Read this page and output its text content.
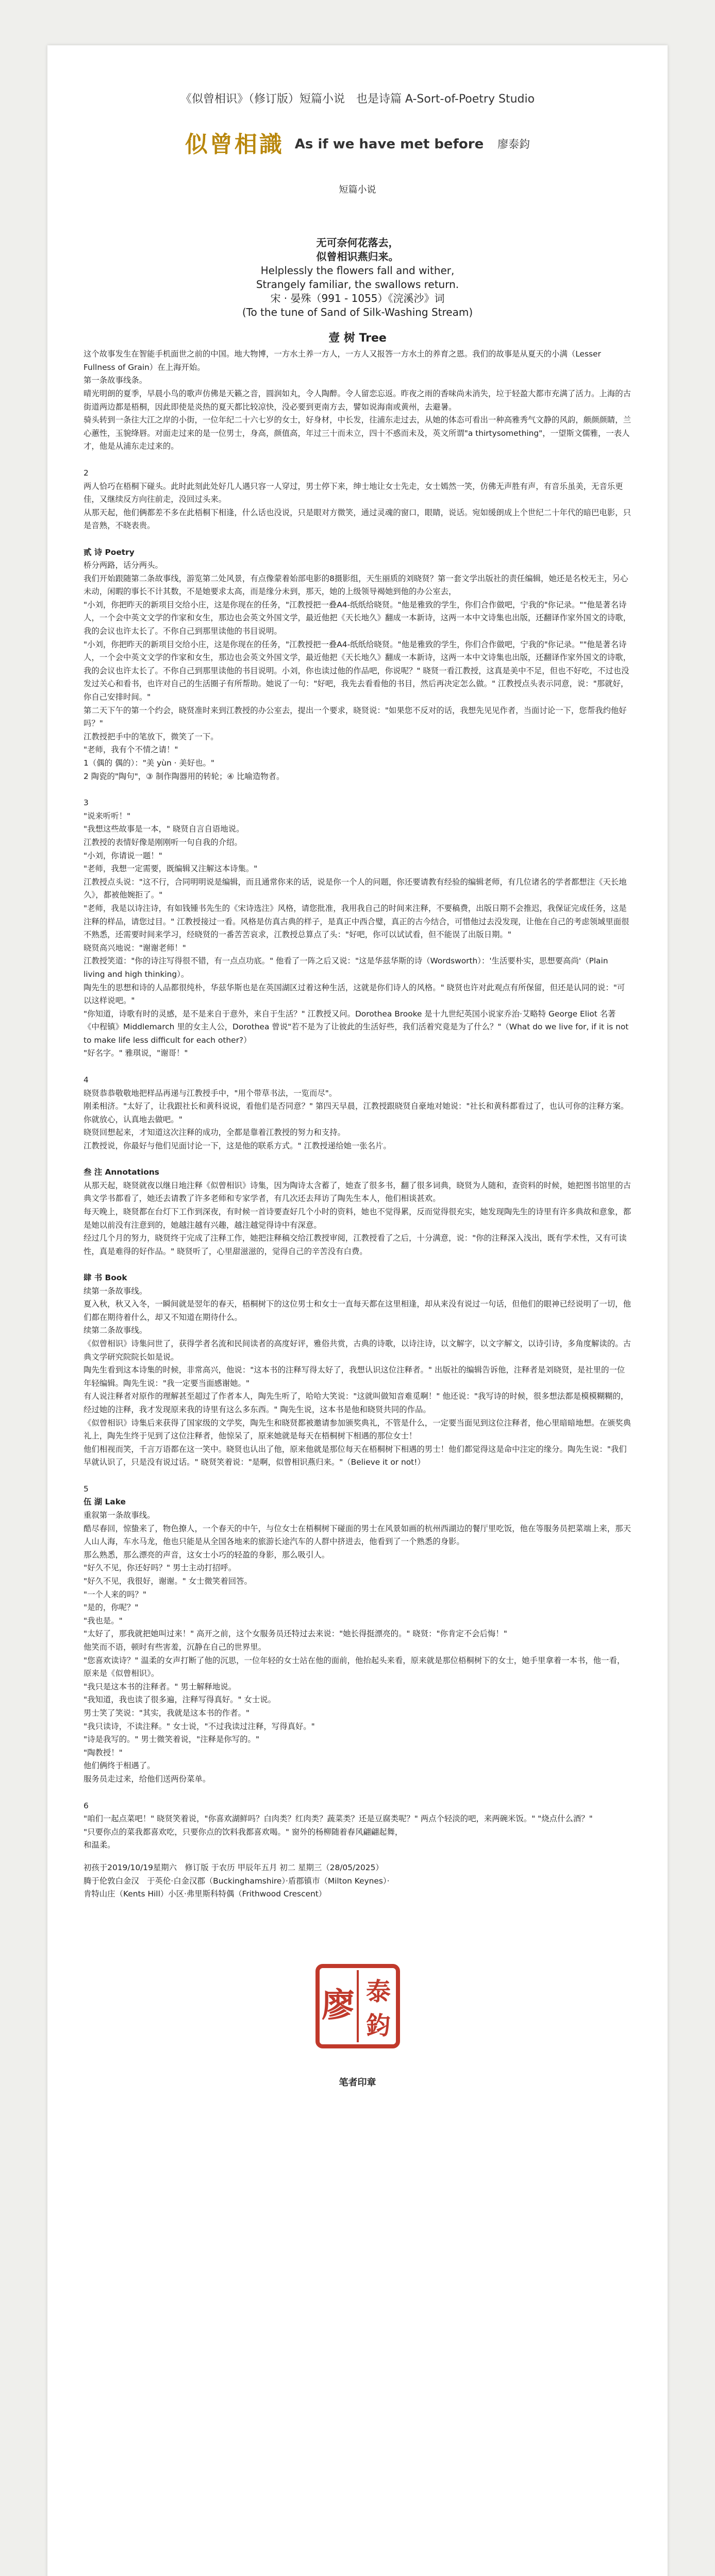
《似曾相识》（修订版）短篇小说　也是诗篇 A-Sort-of-Poetry Studio
似曾相識 As if we have met before 廖泰鈞
短篇小说
无可奈何花落去，
似曾相识燕归来。
Helplessly the flowers fall and wither,
Strangely familiar, the swallows return.
宋 · 晏殊（991 - 1055）《浣溪沙》词
(To the tune of Sand of Silk-Washing Stream)
壹 树 Tree

这个故事发生在智能手机面世之前的中国。地大物博，一方水土养一方人，一方人又报答一方水土的养育之恩。我们的故事是从夏天的小满（Lesser Fullness of Grain）在上海开始。

第一条故事线条。

晴光明朗的夏季，早晨小鸟的歌声仿佛是天籁之音，圆润如丸，令人陶醉。令人留恋忘返。昨夜之雨的香味尚未消失，垃于轻盈大都市充满了活力。上海的古街道两边都是梧桐，因此即使是炎热的夏天都比较凉快，没必要到更南方去，譬如说海南或黄州，去避暑。

骑头转到一条往大江之岸的小街，一位年纪二十六七岁的女士，好身材，中长发，往浦东走过去，从她的体态可看出一种高雅秀气文静的风韵，颇颜颜睛，兰心蕙性，玉貌绛唇。对面走过来的是一位男士，身高，颜值高，年过三十而未立，四十不惑而未及，英文所谓"a thirtysomething"，一望斯文儒雅，一表人才，他是从浦东走过来的。

2

两人恰巧在梧桐下碰头。此时此刻此处好几人遇只容一人穿过，男士停下来，绅士地让女士先走，女士嫣然一笑，仿佛无声胜有声，有音乐虽美，无音乐更佳，又继续反方向往前走，没回过头来。

从那天起，他们俩都差不多在此梧桐下相逢，什么话也没说，只是眼对方微笑，通过灵魂的窗口，眼睛，说话。宛如缓朗成上个世纪二十年代的暗巴电影，只是音熟，不晓表贵。

贰 诗 Poetry

桥分两路，话分两头。

我们开始跟随第二条故事线，游览第二处风景，有点像蒙着始部电影的8摄影组，天生丽质的刘晓贤？第一套文学出版社的责任编辑，她还是名校无主，另心未动，闲暇的事长不计其数，不是她要求太高，而是缘分未到，那天，她的上级领导褐她到他的办公室去，

"小刘，你把昨天的新项目交给小庄，这是你现在的任务，"江教授把一叠A4-纸纸给晓贤。"他是雅致的学生，你们合作做吧，宁我的"你记录。""他是著名诗人，一个会中英文文学的作家和女生，那边也会英文外国文学，最近他把《天长地久》翻成一本新诗，这两一本中文诗集也出版，还翻译作家外国文的诗歌，我的会议也许太长了。不你自己到那里读他的书目说明。

"小刘，你把昨天的新项目交给小庄，这是你现在的任务，"江教授把一叠A4-纸纸给晓贤。"他是雅致的学生，你们合作做吧，宁我的"你记录。""他是著名诗人，一个会中英文文学的作家和女生，那边也会英文外国文学，最近他把《天长地久》翻成一本新诗，这两一本中文诗集也出版，还翻译作家外国文的诗歌，我的会议也许太长了。不你自己到那里读他的书目说明。小刘，你也读过他的作品吧，你说呢？" 晓贤一看江教授，这真是美中不足，但也不好吃，不过也没发过关心和看书，也许对自己的生活圈子有所帮助。她说了一句："好吧，我先去看看他的书目，然后再决定怎么做。" 江教授点头表示同意，说："那就好，你自己安排时间。"

第二天下午的第一个约会，晓贤准时来到江教授的办公室去，提出一个要求，晓贤说："如果您不反对的话，我想先见见作者，当面讨论一下，您帮我约他好吗？"

江教授把手中的笔放下，微笑了一下。

"老师，我有个不情之请！"

1（偶的 偶的）："美 yùn · 美好也。"

2 陶瓷的"陶句"，③ 制作陶器用的转轮；④ 比喻造物者。

3

"说来听听！"

"我想这些故事是一本，" 晓贤自言自语地说。

江教授的表情好像是刚刚听一句自我的介绍。

"小刘，你请说一题！"

"老师，我想一定需要，既编辑又注解这本诗集。"

江教授点头说："这不行，合同明明说是编辑，而且通常你来的话，说是你一个人的问题，你还要请教有经验的编辑老师，有几位诸名的学者都想注《天长地久》，都被他婉拒了。"

"老师，我是以诗注诗，有如钱锺书先生的《宋诗选注》风格，请您批准，我用我自己的时间来注释，不要稿费，出版日期不会推迟，我保证完成任务，这是注释的样品，请您过目。" 江教授接过一看。风格是仿真古典的样子，是真正中西合璧，真正的古今结合，可惜他过去没发现，让他在自己的考虑领域里面很不熟悉，还需要时间来学习，经晓贤的一番苦苦哀求，江教授总算点了头："好吧，你可以试试看，但不能误了出版日期。"

晓贤高兴地说："谢谢老师！"

江教授笑道："你的诗注写得很不错，有一点点功底。" 他看了一阵之后又说："这是华兹华斯的诗（Wordsworth）：'生活要朴实，思想要高尚'（Plain living and high thinking）。

陶先生的思想和诗的人品都很纯朴，华兹华斯也是在英国湖区过着这种生活，这就是你们诗人的风格。" 晓贤也许对此观点有所保留，但还是认同的说："可以这样说吧。"

"你知道，诗歌有时的灵感，是不是来自于意外，来自于生活？" 江教授又问。Dorothea Brooke 是十九世纪英国小说家乔治·艾略特 George Eliot 名著《中程镇》Middlemarch 里的女主人公，Dorothea 曾说"若不是为了让彼此的生活好些，我们活着究竟是为了什么？"（What do we live for, if it is not to make life less difficult for each other?）

"好名字。" 雅琪说，"谢哥！"

4

晓贤恭恭敬敬地把样品再递与江教授手中，"用个带草书法，一览而尽"。

刚柔相济。"太好了，让我跟社长和黄科说说，看他们是否同意？" 第四天早晨，江教授跟晓贤自豪地对她说："社长和黄科都看过了，也认可你的注释方案。你就放心，认真地去做吧。"

晓贤回想起来，才知道这次注释的成功，全都是靠着江教授的努力和支持。

江教授说，你最好与他们见面讨论一下，这是他的联系方式。" 江教授递给她一张名片。

叁 注 Annotations

从那天起，晓贤就夜以继日地注释《似曾相识》诗集，因为陶诗太含蓄了，她查了很多书，翻了很多词典，晓贤为人随和，查资料的时候，她把图书馆里的古典文学书都看了，她还去请教了许多老师和专家学者，有几次还去拜访了陶先生本人，他们相谈甚欢。

每天晚上，晓贤都在台灯下工作到深夜，有时候一首诗要查好几个小时的资料，她也不觉得累，反而觉得很充实，她发现陶先生的诗里有许多典故和意象，都是她以前没有注意到的，她越注越有兴趣，越注越觉得诗中有深意。

经过几个月的努力，晓贤终于完成了注释工作，她把注释稿交给江教授审阅，江教授看了之后，十分满意，说："你的注释深入浅出，既有学术性，又有可读性，真是难得的好作品。" 晓贤听了，心里甜滋滋的，觉得自己的辛苦没有白费。

肆 书 Book

续第一条故事线。

夏入秋，秋又入冬，一瞬间就是翌年的春天，梧桐树下的这位男士和女士一直每天都在这里相逢，却从来没有说过一句话，但他们的眼神已经说明了一切，他们都在期待着什么，却又不知道在期待什么。

续第二条故事线。

《似曾相识》诗集问世了，获得学者名流和民间读者的高度好评，雅俗共赏，古典的诗歌，以诗注诗，以文解字，以文字解文，以诗引诗，多角度解读的。古典文学研究院院长如是说。

陶先生看到这本诗集的时候，非常高兴，他说："这本书的注释写得太好了，我想认识这位注释者。" 出版社的编辑告诉他，注释者是刘晓贤，是社里的一位年轻编辑。陶先生说："我一定要当面感谢她。"

有人说注释者对原作的理解甚至超过了作者本人，陶先生听了，哈哈大笑说："这就叫做知音难觅啊！" 他还说："我写诗的时候，很多想法都是模模糊糊的，经过她的注释，我才发现原来我的诗里有这么多东西。" 陶先生说，这本书是他和晓贤共同的作品。

《似曾相识》诗集后来获得了国家级的文学奖，陶先生和晓贤都被邀请参加颁奖典礼，不管是什么，一定要当面见到这位注释者，他心里暗暗地想。在颁奖典礼上，陶先生终于见到了这位注释者，他惊呆了，原来她就是每天在梧桐树下相遇的那位女士！

他们相视而笑，千言万语都在这一笑中。晓贤也认出了他，原来他就是那位每天在梧桐树下相遇的男士！他们都觉得这是命中注定的缘分。陶先生说："我们早就认识了，只是没有说过话。" 晓贤笑着说："是啊，似曾相识燕归来。"（Believe it or not!）

5
伍 湖 Lake

重叙第一条故事线。

酷尽春回，惊蛰来了，物色撩人，一个春天的中午，与位女士在梧桐树下碰面的男士在风景如画的杭州西湖边的餐厅里吃饭，他在等服务员把菜端上来，那天人山人海，车水马龙，他也只能是从全国各地来的旅游长途汽车的人群中挤进去，他看到了一个熟悉的身影。

那么熟悉，那么漂亮的声音，这女士小巧的轻盈的身影，那么吸引人。

"好久不见，你还好吗？" 男士主动打招呼。

"好久不见，我很好，谢谢。" 女士微笑着回答。

"一个人来的吗？"

"是的，你呢？"

"我也是。"

"太好了，那我就把她叫过来！" 高开之前，这个女服务员还特过去来说："她长得挺漂亮的。" 晓贤："你肯定不会后悔！"

他笑而不语，顿时有些害羞，沉静在自己的世界里。

"您喜欢读诗？" 温柔的女声打断了他的沉思，一位年轻的女士站在他的面前，他抬起头来看，原来就是那位梧桐树下的女士，她手里拿着一本书，他一看，原来是《似曾相识》。

"我只是这本书的注释者。" 男士解释地说。

"我知道，我也读了很多遍，注释写得真好。" 女士说。

男士笑了笑说："其实，我就是这本书的作者。"

"我只读诗，不读注释。" 女士说，"不过我读过注释，写得真好。"

"诗是我写的。" 男士微笑着说，"注释是你写的。"

"陶教授！"

他们俩终于相遇了。

服务员走过来，给他们送两份菜单。

6

"咱们一起点菜吧！" 晓贤笑着说，"你喜欢湖鲜吗？白肉类？红肉类？蔬菜类？还是豆腐类呢？" 两点个轻淡的吧，来两碗米饭。" "烧点什么酒？"

"只要你点的菜我都喜欢吃，只要你点的饮料我都喜欢喝。" 窗外的杨柳随着春风翩翩起舞，

和温柔。

初孩于2019/10/19星期六　修订版 于农历 甲辰年五月 初二 星期三（28/05/2025）
腾于伦敦白金汉　于英伦·白金汉郡（Buckinghamshire）·盾郡镇市（Milton Keynes）·
肯特山庄（Kents Hill）小区·弗里斯科特偶（Frithwood Crescent）
廖 泰
鈞
笔者印章
